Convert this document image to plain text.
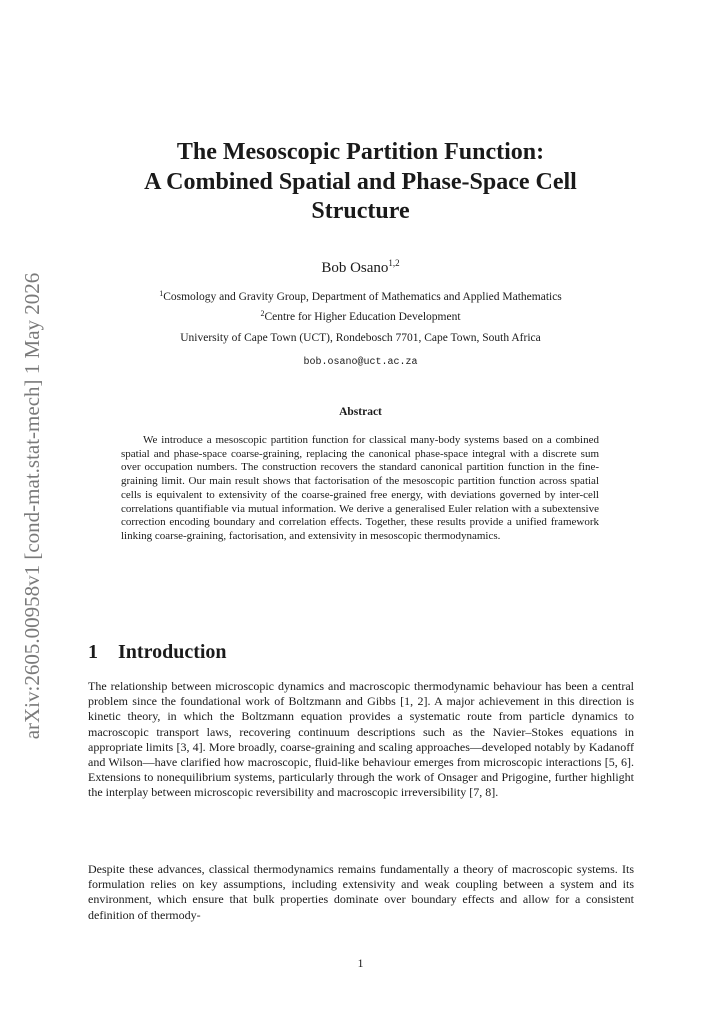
arXiv:2605.00958v1 [cond-mat.stat-mech] 1 May 2026
The Mesoscopic Partition Function:
A Combined Spatial and Phase-Space Cell
Structure
Bob Osano$^{1,2}$
$^1$Cosmology and Gravity Group, Department of Mathematics and Applied Mathematics
$^2$Centre for Higher Education Development
University of Cape Town (UCT), Rondebosch 7701, Cape Town, South Africa
bob.osano@uct.ac.za
Abstract

We introduce a mesoscopic partition function for classical many-body systems based on a combined spatial and phase-space coarse-graining, replacing the canonical phase-space integral with a discrete sum over occupation numbers. The construction recovers the standard canonical partition function in the fine-graining limit. Our main result shows that factorisation of the mesoscopic partition function across spatial cells is equivalent to extensivity of the coarse-grained free energy, with deviations governed by inter-cell correlations quantifiable via mutual information. We derive a generalised Euler relation with a subextensive correction encoding boundary and correlation effects. Together, these results provide a unified framework linking coarse-graining, factorisation, and extensivity in mesoscopic thermodynamics.

1 Introduction

The relationship between microscopic dynamics and macroscopic thermodynamic behaviour has been a central problem since the foundational work of Boltzmann and Gibbs [1, 2]. A major achievement in this direction is kinetic theory, in which the Boltzmann equation provides a systematic route from particle dynamics to macroscopic transport laws, recovering continuum descriptions such as the Navier–Stokes equations in appropriate limits [3, 4]. More broadly, coarse-graining and scaling approaches—developed notably by Kadanoff and Wilson—have clarified how macroscopic, fluid-like behaviour emerges from microscopic interactions [5, 6]. Extensions to nonequilibrium systems, particularly through the work of Onsager and Prigogine, further highlight the interplay between microscopic reversibility and macroscopic irreversibility [7, 8].

Despite these advances, classical thermodynamics remains fundamentally a theory of macroscopic systems. Its formulation relies on key assumptions, including extensivity and weak coupling between a system and its environment, which ensure that bulk properties dominate over boundary effects and allow for a consistent definition of thermody-

1
